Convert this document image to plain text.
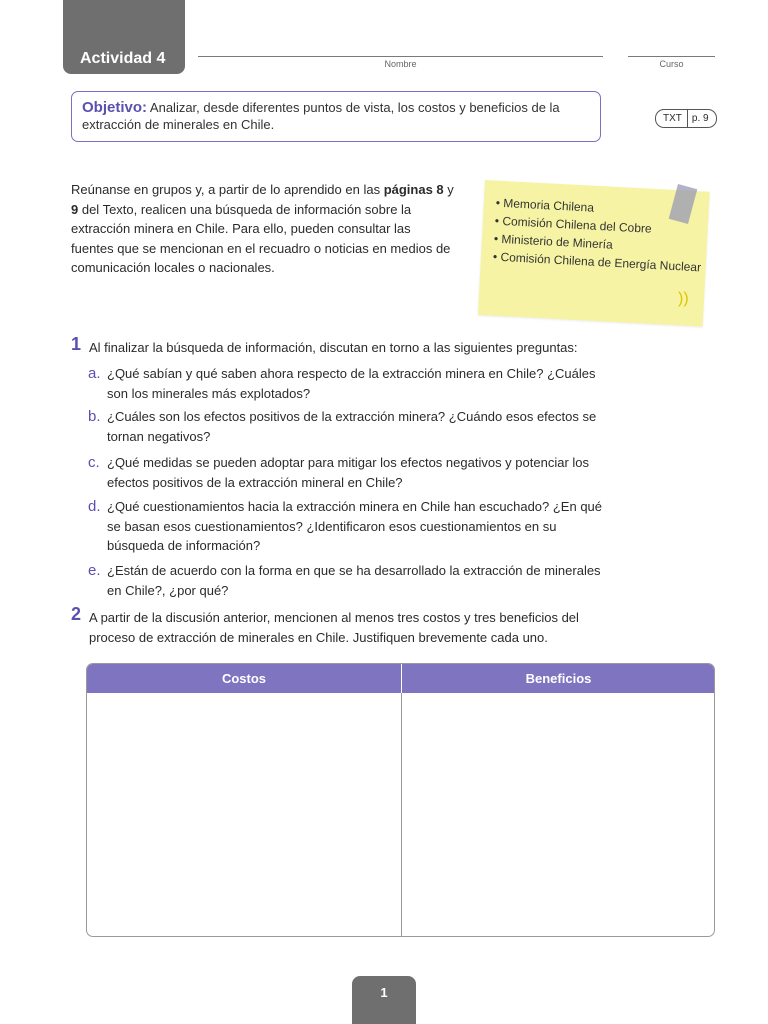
Actividad 4	Nombre	Curso
Objetivo: Analizar, desde diferentes puntos de vista, los costos y beneficios de la extracción de minerales en Chile.	TXT	p. 9
Reúnanse en grupos y, a partir de lo aprendido en las páginas 8 y 9 del Texto, realicen una búsqueda de información sobre la extracción minera en Chile. Para ello, pueden consultar las fuentes que se mencionan en el recuadro o noticias en medios de comunicación locales o nacionales.
• Memoria Chilena
• Comisión Chilena del Cobre
• Ministerio de Minería
• Comisión Chilena de Energía Nuclear
))
1 Al finalizar la búsqueda de información, discutan en torno a las siguientes preguntas:
a. ¿Qué sabían y qué saben ahora respecto de la extracción minera en Chile? ¿Cuáles son los minerales más explotados?
b. ¿Cuáles son los efectos positivos de la extracción minera? ¿Cuándo esos efectos se tornan negativos?
c. ¿Qué medidas se pueden adoptar para mitigar los efectos negativos y potenciar los efectos positivos de la extracción mineral en Chile?
d. ¿Qué cuestionamientos hacia la extracción minera en Chile han escuchado? ¿En qué se basan esos cuestionamientos? ¿Identificaron esos cuestionamientos en su búsqueda de información?
e. ¿Están de acuerdo con la forma en que se ha desarrollado la extracción de minerales en Chile?, ¿por qué?
2 A partir de la discusión anterior, mencionen al menos tres costos y tres beneficios del proceso de extracción de minerales en Chile. Justifiquen brevemente cada uno.
Costos	Beneficios
1
